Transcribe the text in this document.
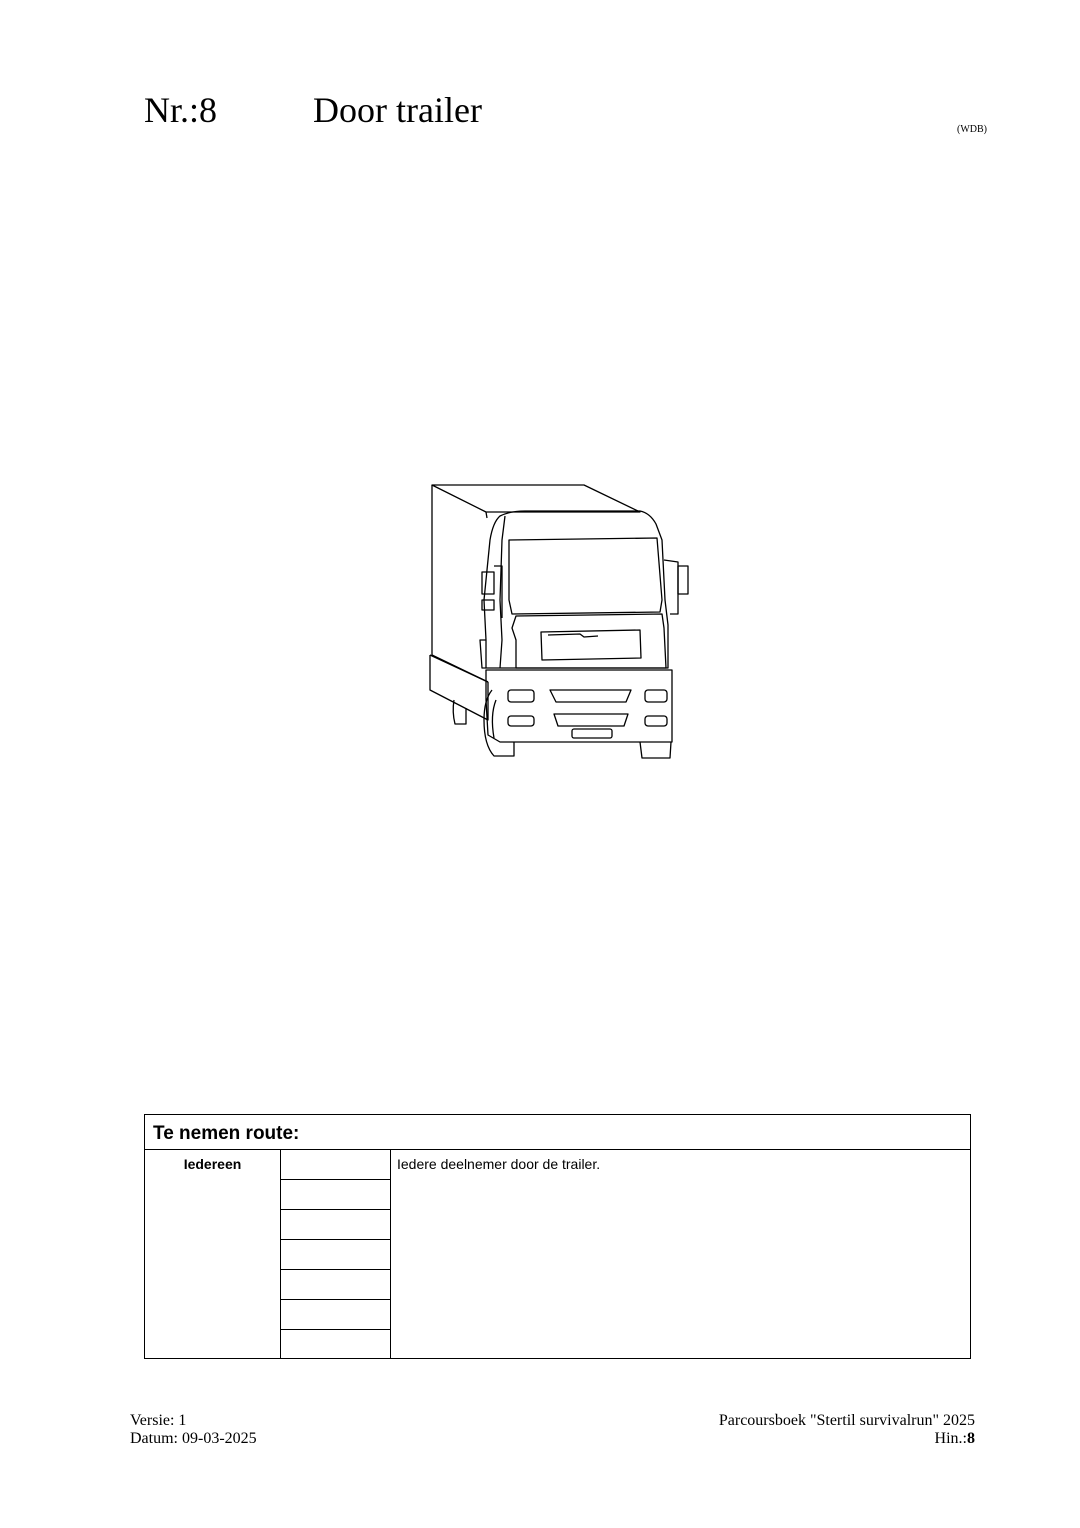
Nr.:8	Door trailer	(WDB)
Te nemen route:
Iedereen	Iedere deelnemer door de trailer.
Versie: 1
Datum: 09-03-2025
Parcoursboek "Stertil survivalrun" 2025
Hin.:8
